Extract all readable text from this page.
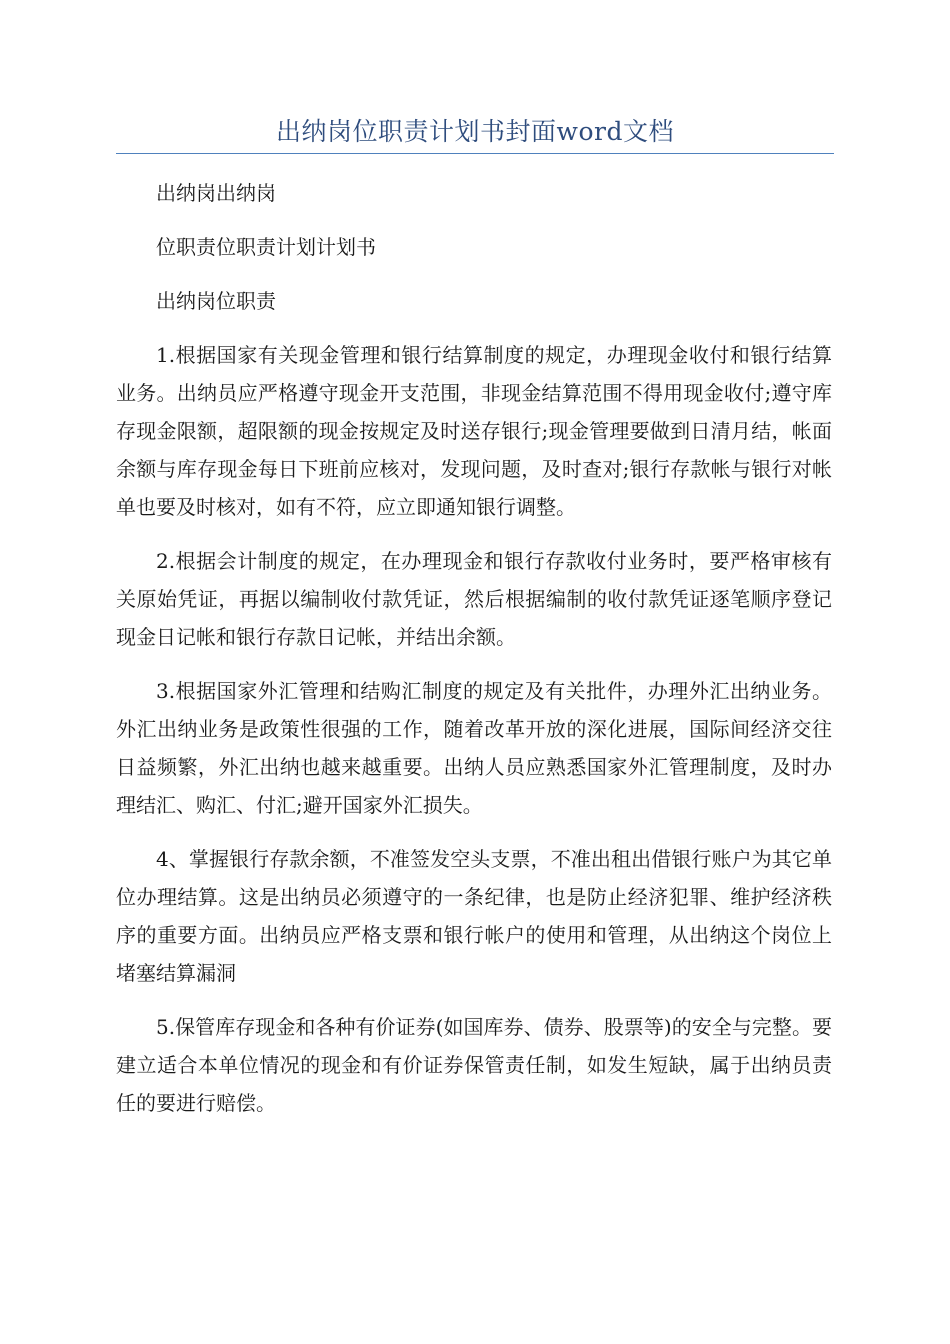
出纳岗位职责计划书封面word文档

出纳岗出纳岗

位职责位职责计划计划书

出纳岗位职责

1.根据国家有关现金管理和银行结算制度的规定，办理现金收付和银行结算业务。出纳员应严格遵守现金开支范围，非现金结算范围不得用现金收付;遵守库存现金限额，超限额的现金按规定及时送存银行;现金管理要做到日清月结，帐面余额与库存现金每日下班前应核对，发现问题，及时查对;银行存款帐与银行对帐单也要及时核对，如有不符，应立即通知银行调整。

2.根据会计制度的规定，在办理现金和银行存款收付业务时，要严格审核有关原始凭证，再据以编制收付款凭证，然后根据编制的收付款凭证逐笔顺序登记现金日记帐和银行存款日记帐，并结出余额。

3.根据国家外汇管理和结购汇制度的规定及有关批件，办理外汇出纳业务。外汇出纳业务是政策性很强的工作，随着改革开放的深化进展，国际间经济交往日益频繁，外汇出纳也越来越重要。出纳人员应熟悉国家外汇管理制度，及时办理结汇、购汇、付汇;避开国家外汇损失。

4、掌握银行存款余额，不准签发空头支票，不准出租出借银行账户为其它单位办理结算。这是出纳员必须遵守的一条纪律，也是防止经济犯罪、维护经济秩序的重要方面。出纳员应严格支票和银行帐户的使用和管理，从出纳这个岗位上堵塞结算漏洞

5.保管库存现金和各种有价证券(如国库券、债券、股票等)的安全与完整。要建立适合本单位情况的现金和有价证券保管责任制，如发生短缺，属于出纳员责任的要进行赔偿。
